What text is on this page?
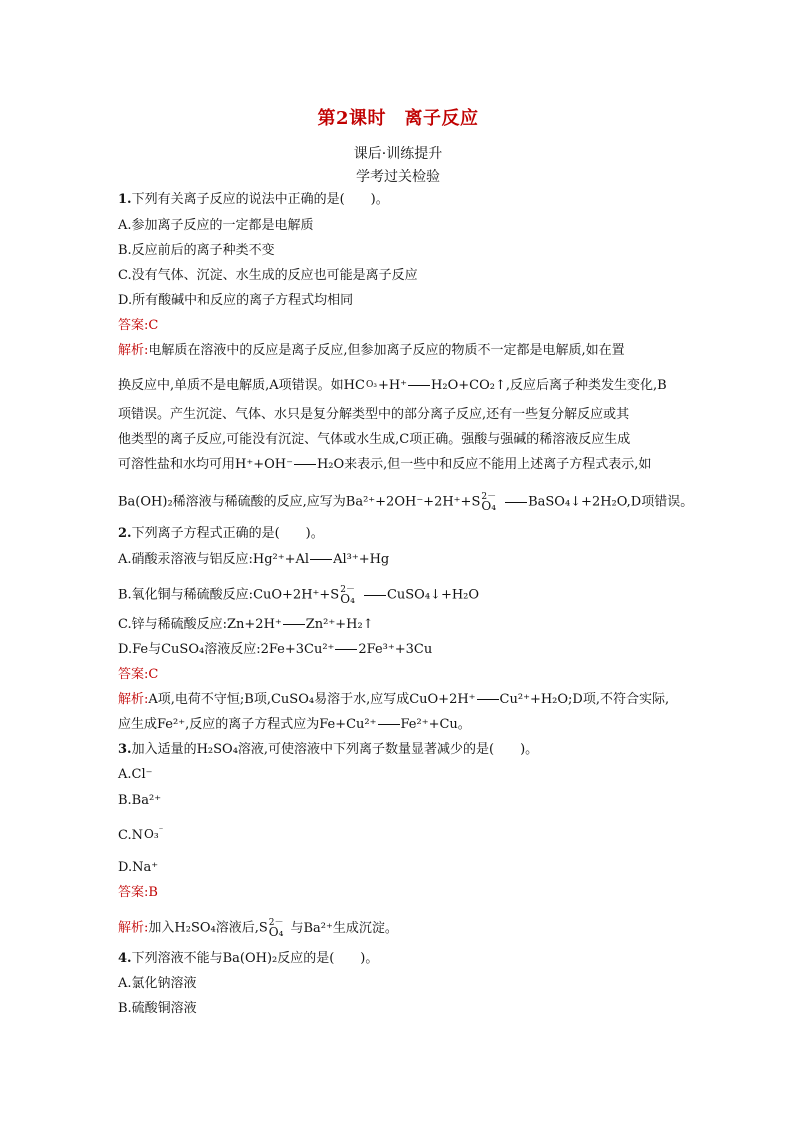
第2课时　离子反应
课后·训练提升
学考过关检验
1.下列有关离子反应的说法中正确的是(　　)。
A.参加离子反应的一定都是电解质
B.反应前后的离子种类不变
C.没有气体、沉淀、水生成的反应也可能是离子反应
D.所有酸碱中和反应的离子方程式均相同
答案:C
解析:电解质在溶液中的反应是离子反应,但参加离子反应的物质不一定都是电解质,如在置
换反应中,单质不是电解质,A项错误。如HC O₃ +H⁺ H₂O+CO₂↑,反应后离子种类发生变化,B
项错误。产生沉淀、气体、水只是复分解类型中的部分离子反应,还有一些复分解反应或其
他类型的离子反应,可能没有沉淀、气体或水生成,C项正确。强酸与强碱的稀溶液反应生成
可溶性盐和水均可用H⁺+OH⁻ H₂O来表示,但一些中和反应不能用上述离子方程式表示,如
Ba(OH)₂稀溶液与稀硫酸的反应,应写为Ba²⁺+2OH⁻+2H⁺+S 2－
O₄ BaSO₄↓+2H₂O,D项错误。
2.下列离子方程式正确的是(　　)。
A.硝酸汞溶液与铝反应:Hg²⁺+Al Al³⁺+Hg
B.氧化铜与稀硫酸反应:CuO+2H⁺+S 2－
O₄ CuSO₄↓+H₂O
C.锌与稀硫酸反应:Zn+2H⁺ Zn²⁺+H₂↑
D.Fe与CuSO₄溶液反应:2Fe+3Cu²⁺ 2Fe³⁺+3Cu
答案:C
解析:A项,电荷不守恒;B项,CuSO₄易溶于水,应写成CuO+2H⁺ Cu²⁺+H₂O;D项,不符合实际,
应生成Fe²⁺,反应的离子方程式应为Fe+Cu²⁺ Fe²⁺+Cu。
3.加入适量的H₂SO₄溶液,可使溶液中下列离子数量显著减少的是(　　)。
A.Cl⁻
B.Ba²⁺
C.N O₃⁻
D.Na⁺
答案:B
解析:加入H₂SO₄溶液后,S 2－
O₄ 与Ba²⁺生成沉淀。
4.下列溶液不能与Ba(OH)₂反应的是(　　)。
A.氯化钠溶液
B.硫酸铜溶液
